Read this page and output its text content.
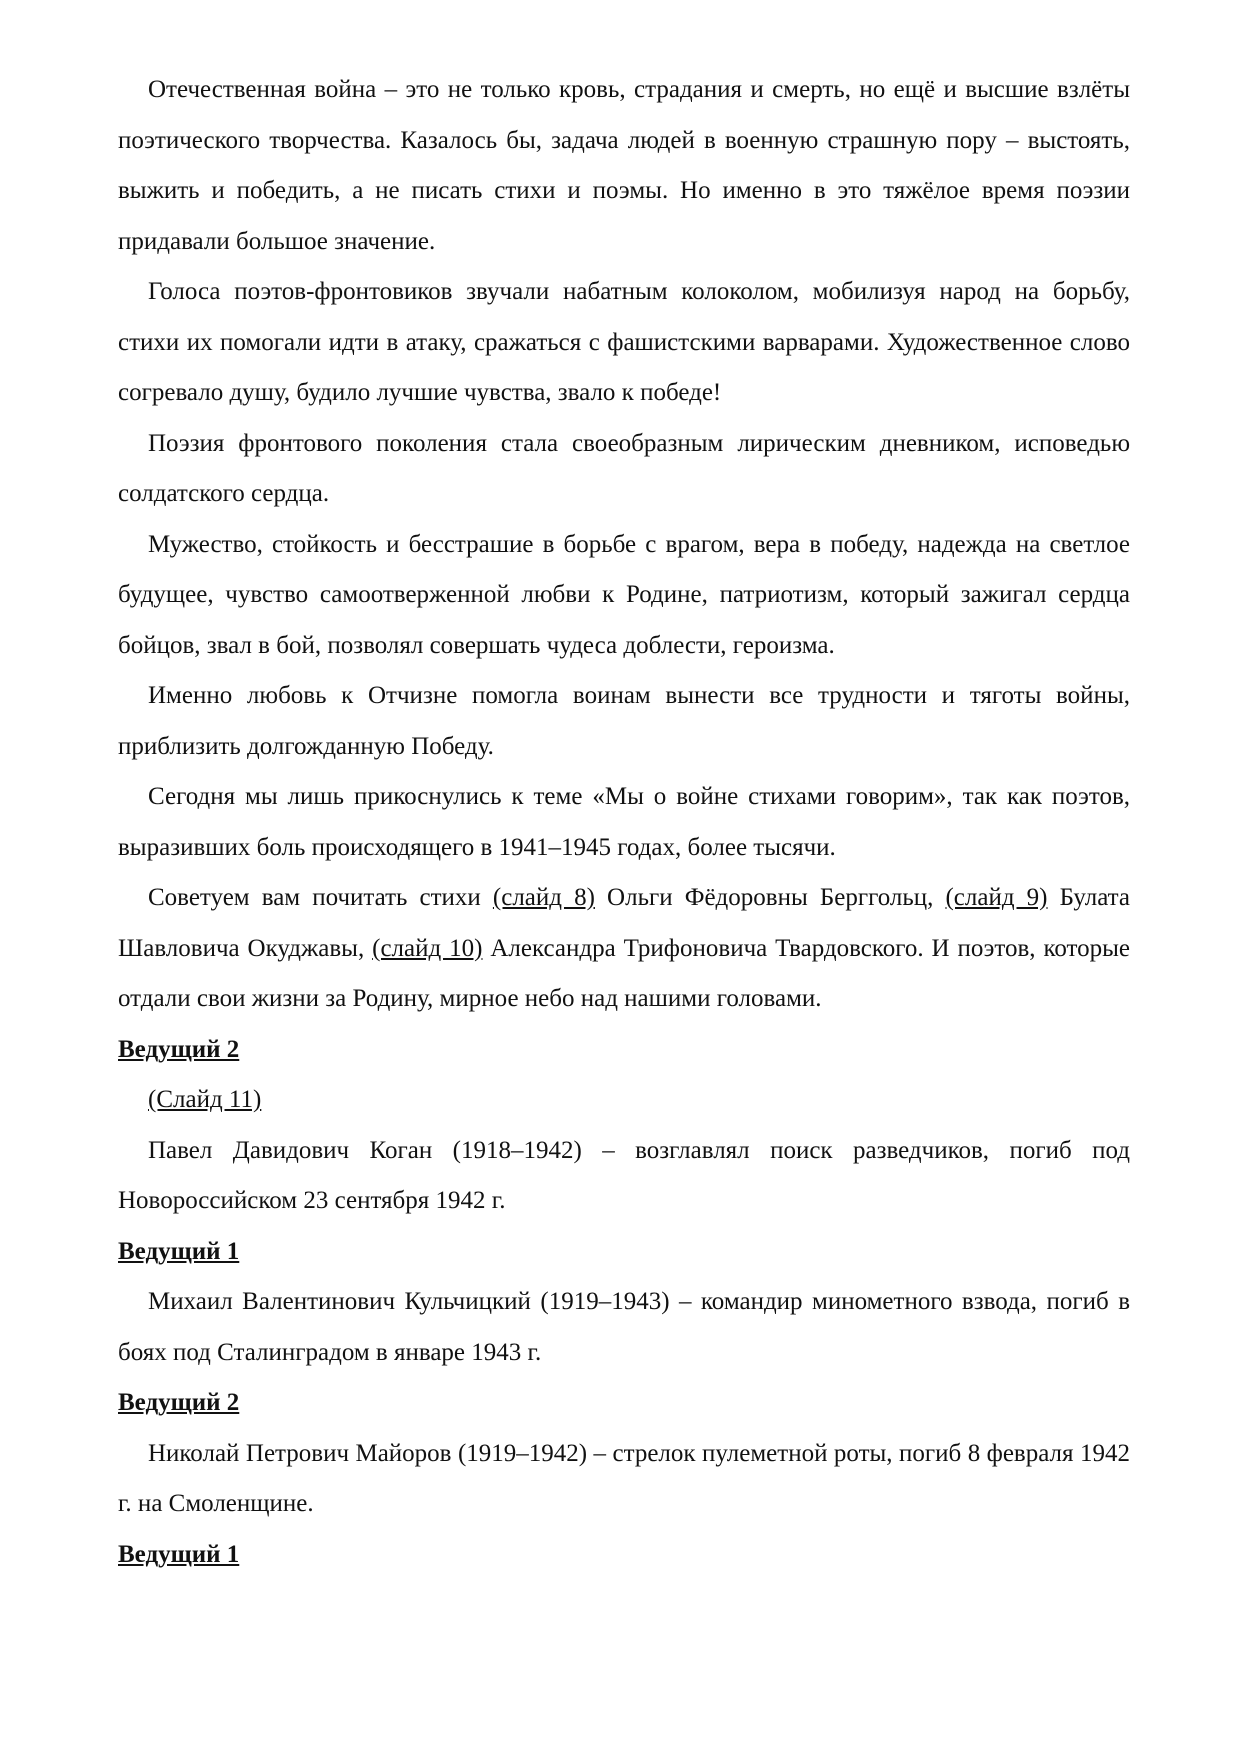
Отечественная война – это не только кровь, страдания и смерть, но ещё и высшие взлёты поэтического творчества. Казалось бы, задача людей в военную страшную пору – выстоять, выжить и победить, а не писать стихи и поэмы. Но именно в это тяжёлое время поэзии придавали большое значение.

Голоса поэтов-фронтовиков звучали набатным колоколом, мобилизуя народ на борьбу, стихи их помогали идти в атаку, сражаться с фашистскими варварами. Художественное слово согревало душу, будило лучшие чувства, звало к победе!

Поэзия фронтового поколения стала своеобразным лирическим дневником, исповедью солдатского сердца.

Мужество, стойкость и бесстрашие в борьбе с врагом, вера в победу, надежда на светлое будущее, чувство самоотверженной любви к Родине, патриотизм, который зажигал сердца бойцов, звал в бой, позволял совершать чудеса доблести, героизма.

Именно любовь к Отчизне помогла воинам вынести все трудности и тяготы войны, приблизить долгожданную Победу.

Сегодня мы лишь прикоснулись к теме «Мы о войне стихами говорим», так как поэтов, выразивших боль происходящего в 1941–1945 годах, более тысячи.

Советуем вам почитать стихи (слайд 8) Ольги Фёдоровны Берггольц, (слайд 9) Булата Шавловича Окуджавы, (слайд 10) Александра Трифоновича Твардовского. И поэтов, которые отдали свои жизни за Родину, мирное небо над нашими головами.

Ведущий 2

(Слайд 11)

Павел Давидович Коган (1918–1942) – возглавлял поиск разведчиков, погиб под Новороссийском 23 сентября 1942 г.

Ведущий 1

Михаил Валентинович Кульчицкий (1919–1943) – командир минометного взвода, погиб в боях под Сталинградом в январе 1943 г.

Ведущий 2

Николай Петрович Майоров (1919–1942) – стрелок пулеметной роты, погиб 8 февраля 1942 г. на Смоленщине.

Ведущий 1
